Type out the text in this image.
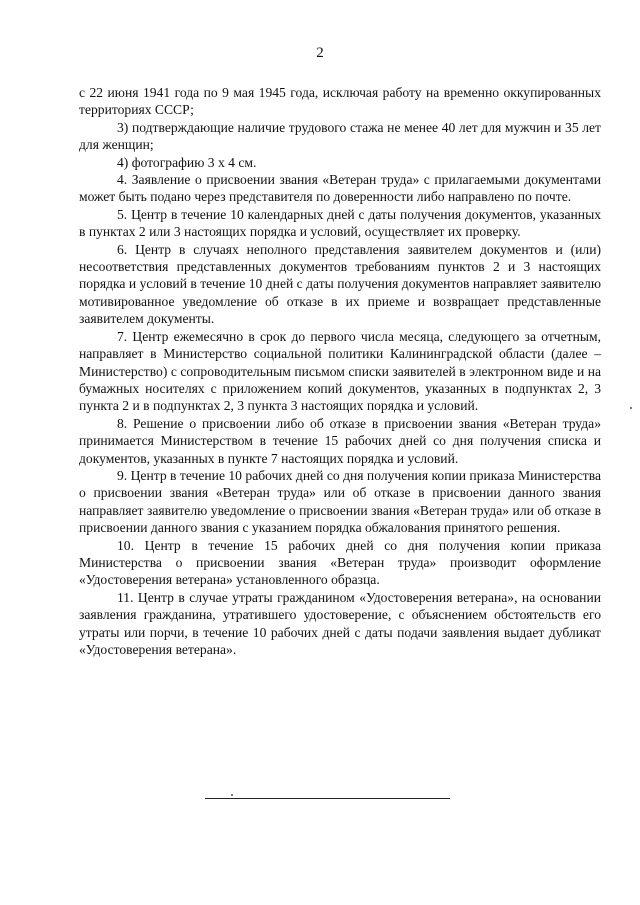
2

с 22 июня 1941 года по 9 мая 1945 года, исключая работу на временно оккупированных территориях СССР;

3) подтверждающие наличие трудового стажа не менее 40 лет для мужчин и 35 лет для женщин;

4) фотографию 3 х 4 см.

4. Заявление о присвоении звания «Ветеран труда» с прилагаемыми документами может быть подано через представителя по доверенности либо направлено по почте.

5. Центр в течение 10 календарных дней с даты получения документов, указанных в пунктах 2 или 3 настоящих порядка и условий, осуществляет их проверку.

6. Центр в случаях неполного представления заявителем документов и (или) несоответствия представленных документов требованиям пунктов 2 и 3 настоящих порядка и условий в течение 10 дней с даты получения документов направляет заявителю мотивированное уведомление об отказе в их приеме и возвращает представленные заявителем документы.

7. Центр ежемесячно в срок до первого числа месяца, следующего за отчетным, направляет в Министерство социальной политики Калининградской области (далее – Министерство) с сопроводительным письмом списки заявителей в электронном виде и на бумажных носителях с приложением копий документов, указанных в подпунктах 2, 3 пункта 2 и в подпунктах 2, 3 пункта 3 настоящих порядка и условий.

8. Решение о присвоении либо об отказе в присвоении звания «Ветеран труда» принимается Министерством в течение 15 рабочих дней со дня получения списка и документов, указанных в пункте 7 настоящих порядка и условий.

9. Центр в течение 10 рабочих дней со дня получения копии приказа Министерства о присвоении звания «Ветеран труда» или об отказе в присвоении данного звания направляет заявителю уведомление о присвоении звания «Ветеран труда» или об отказе в присвоении данного звания с указанием порядка обжалования принятого решения.

10. Центр в течение 15 рабочих дней со дня получения копии приказа Министерства о присвоении звания «Ветеран труда» производит оформление «Удостоверения ветерана» установленного образца.

11. Центр в случае утраты гражданином «Удостоверения ветерана», на основании заявления гражданина, утратившего удостоверение, с объяснением обстоятельств его утраты или порчи, в течение 10 рабочих дней с даты подачи заявления выдает дубликат «Удостоверения ветерана».
